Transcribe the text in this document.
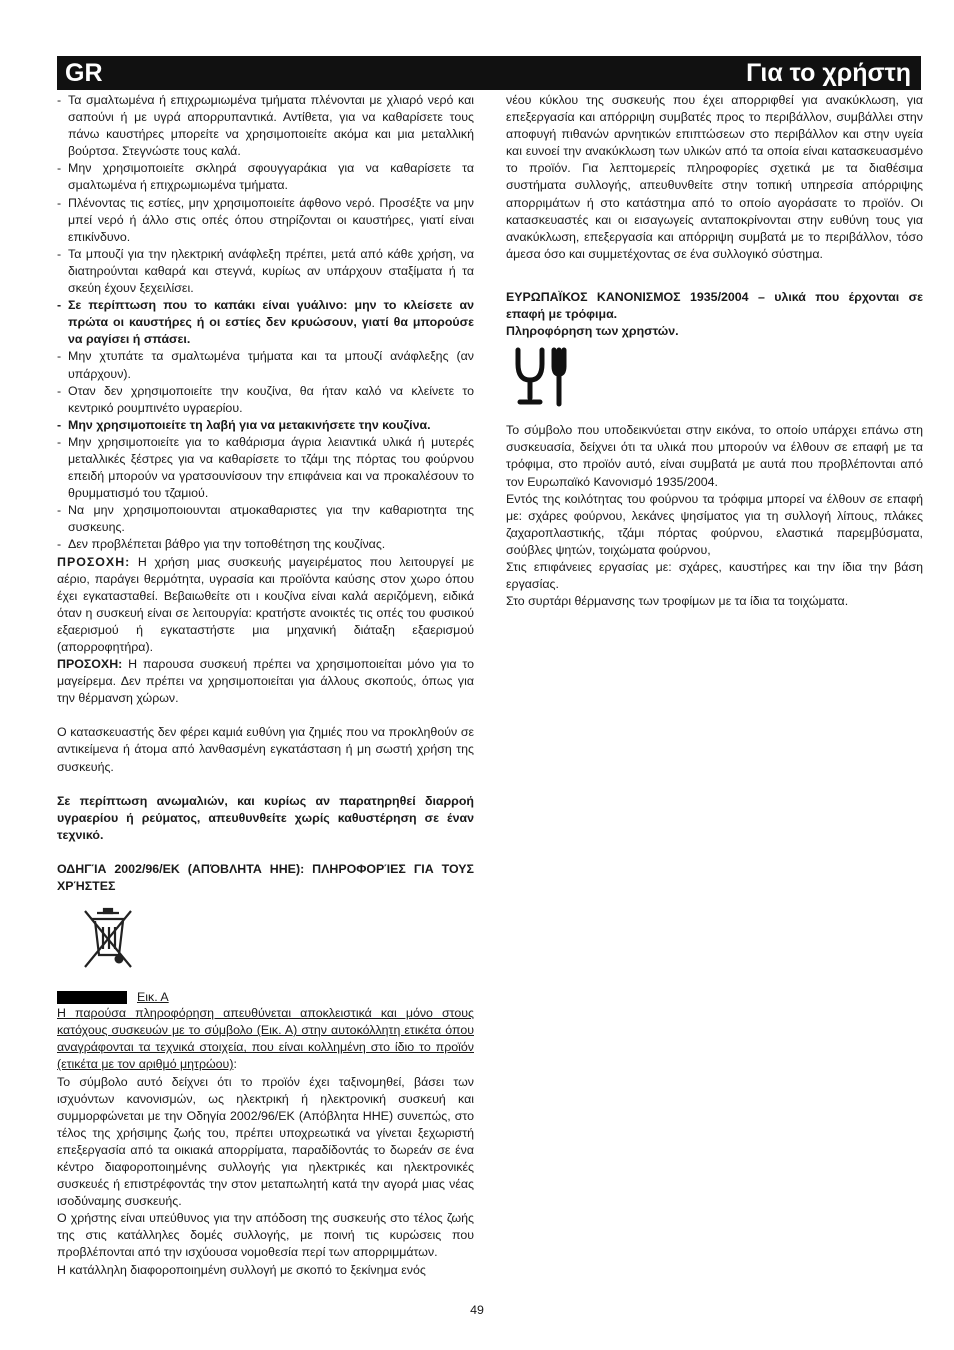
GR	Για το χρήστη
- Τα σμαλτωμένα ή επιχρωμιωμένα τμήματα πλένονται με χλιαρό νερό και σαπούνι ή με υγρά απορρυπαντικά. Αντίθετα, για να καθαρίσετε τους πάνω καυστήρες μπορείτε να χρησιμοποιείτε ακόμα και μια μεταλλική βούρτσα. Στεγνώστε τους καλά.
- Μην χρησιμοποιείτε σκληρά σφουγγαράκια για να καθαρίσετε τα σμαλτωμένα ή επιχρωμιωμένα τμήματα.
- Πλένοντας τις εστίες, μην χρησιμοποιείτε άφθονο νερό. Προσέξτε να μην μπεί νερό ή άλλο στις οπές όπου στηρίζονται οι καυστήρες, γιατί είναι επικίνδυνο.
- Τα μπουζί για την ηλεκτρική ανάφλεξη πρέπει, μετά από κάθε χρήση, να διατηρούνται καθαρά και στεγνά, κυρίως αν υπάρχουν σταξίματα ή τα σκεύη έχουν ξεχειλίσει.
- Σε περίπτωση που το καπάκι είναι γυάλινο: μην το κλείσετε αν πρώτα οι καυστήρες ή οι εστίες δεν κρυώσουν, γιατί θα μπορούσε να ραγίσει ή σπάσει.
- Μην χτυπάτε τα σμαλτωμένα τμήματα και τα μπουζί ανάφλεξης (αν υπάρχουν).
- Οταν δεν χρησιμοποιείτε την κουζίνα, θα ήταν καλό να κλείνετε το κεντρικό ρουμπινέτο υγραερίου.
- Μην χρησιμοποιείτε τη λαβή για να μετακινήσετε την κουζίνα.
- Μην χρησιμοποιείτε για το καθάρισμα άγρια λειαντικά υλικά ή μυτερές μεταλλικές ξέστρες για να καθαρίσετε το τζάμι της πόρτας του φούρνου επειδή μπορούν να γρατσουνίσουν την επιφάνεια και να προκαλέσουν το θρυμματισμό του τζαμιού.
- Να μην χρησιμοποιουνται ατμοκαθαριστες για την καθαριοτητα της συσκευης.
- Δεν προβλέπεται βάθρο για την τοποθέτηση της κουζίνας.

ΠΡΟΣΟΧΗ: Η χρήση μιας συσκευής μαγειρέματος που λειτουργεί με αέριο, παράγει θερμότητα, υγρασία και προϊόντα καύσης στον χωρο όπου έχει εγκατασταθεί. Βεβαιωθείτε οτι ι κουζίνα είναι καλά αεριζόμενη, ειδικά όταν η συσκευή είναι σε λειτουργία: κρατήστε ανοικτές τις οπές του φυσικού εξαερισμού ή εγκαταστήστε μια μηχανική διάταξη εξαερισμού (απορροφητήρα).

ΠΡΟΣΟΧΗ: Η παρουσα συσκευή πρέπει να χρησιμοποιείται μόνο για το μαγείρεμα. Δεν πρέπει να χρησιμοποιείται για άλλους σκοπούς, όπως για την θέρμανση χώρων.

Ο κατασκευαστής δεν φέρει καμιά ευθύνη για ζημιές που να προκληθούν σε αντικείμενα ή άτομα από λανθασμένη εγκατάσταση ή μη σωστή χρήση της συσκευής.

Σε περίπτωση ανωμαλιών, και κυρίως αν παρατηρηθεί διαρροή υγραερίου ή ρεύματος, απευθυνθείτε χωρίς καθυστέρηση σε έναν τεχνικό.

ΟΔΗΓΊΑ 2002/96/ΕΚ (ΑΠΌΒΛΗΤΑ ΗΗΕ): ΠΛΗΡΟΦΟΡΊΕΣ ΓΙΑ ΤΟΥΣ ΧΡΉΣΤΕΣ

Εικ. Α

Η παρούσα πληροφόρηση απευθύνεται αποκλειστικά και μόνο στους κατόχους συσκευών με το σύμβολο (Εικ. Α) στην αυτοκόλλητη ετικέτα όπου αναγράφονται τα τεχνικά στοιχεία, που είναι κολλημένη στο ίδιο το προϊόν (ετικέτα με τον αριθμό μητρώου):

Το σύμβολο αυτό δείχνει ότι το προϊόν έχει ταξινομηθεί, βάσει των ισχυόντων κανονισμών, ως ηλεκτρική ή ηλεκτρονική συσκευή και συμμορφώνεται με την Οδηγία 2002/96/ΕΚ (Απόβλητα ΗΗΕ) συνεπώς, στο τέλος της χρήσιμης ζωής του, πρέπει υποχρεωτικά να γίνεται ξεχωριστή επεξεργασία από τα οικιακά απορρίματα, παραδίδοντάς το δωρεάν σε ένα κέντρο διαφοροποιημένης συλλογής για ηλεκτρικές και ηλεκτρονικές συσκευές ή επιστρέφοντάς την στον μεταπωλητή κατά την αγορά μιας νέας ισοδύναμης συσκευής.

Ο χρήστης είναι υπεύθυνος για την απόδοση της συσκευής στο τέλος ζωής της στις κατάλληλες δομές συλλογής, με ποινή τις κυρώσεις που προβλέπονται από την ισχύουσα νομοθεσία περί των απορριμμάτων.

Η κατάλληλη διαφοροποιημένη συλλογή με σκοπό το ξεκίνημα ενός

νέου κύκλου της συσκευής που έχει απορριφθεί για ανακύκλωση, για επεξεργασία και απόρριψη συμβατές προς το περιβάλλον, συμβάλλει στην αποφυγή πιθανών αρνητικών επιπτώσεων στο περιβάλλον και στην υγεία και ευνοεί την ανακύκλωση των υλικών από τα οποία είναι κατασκευασμένο το προϊόν. Για λεπτομερείς πληροφορίες σχετικά με τα διαθέσιμα συστήματα συλλογής, απευθυνθείτε στην τοπική υπηρεσία απόρριψης απορριμάτων ή στο κατάστημα από το οποίο αγοράσατε το προϊόν. Οι κατασκευαστές και οι εισαγωγείς ανταποκρίνονται στην ευθύνη τους για ανακύκλωση, επεξεργασία και απόρριψη συμβατά με το περιβάλλον, τόσο άμεσα όσο και συμμετέχοντας σε ένα συλλογικό σύστημα.

ΕΥΡΩΠΑΪΚΟΣ ΚΑΝΟΝΙΣΜΟΣ 1935/2004 – υλικά που έρχονται σε επαφή με τρόφιμα.

Πληροφόρηση των χρηστών.

Το σύμβολο που υποδεικνύεται στην εικόνα, το οποίο υπάρχει επάνω στη συσκευασία, δείχνει ότι τα υλικά που μπορούν να έλθουν σε επαφή με τα τρόφιμα, στο προϊόν αυτό, είναι συμβατά με αυτά που προβλέπονται από τον Ευρωπαϊκό Κανονισμό 1935/2004.

Εντός της κοιλότητας του φούρνου τα τρόφιμα μπορεί να έλθουν σε επαφή με: σχάρες φούρνου, λεκάνες ψησίματος για τη συλλογή λίπους, πλάκες ζαχαροπλαστικής, τζάμι πόρτας φούρνου, ελαστικά παρεμβύσματα, σούβλες ψητών, τοιχώματα φούρνου,

Στις επιφάνειες εργασίας με: σχάρες, καυστήρες και την ίδια την βάση εργασίας.

Στο συρτάρι θέρμανσης των τροφίμων με τα ίδια τα τοιχώματα.

49
